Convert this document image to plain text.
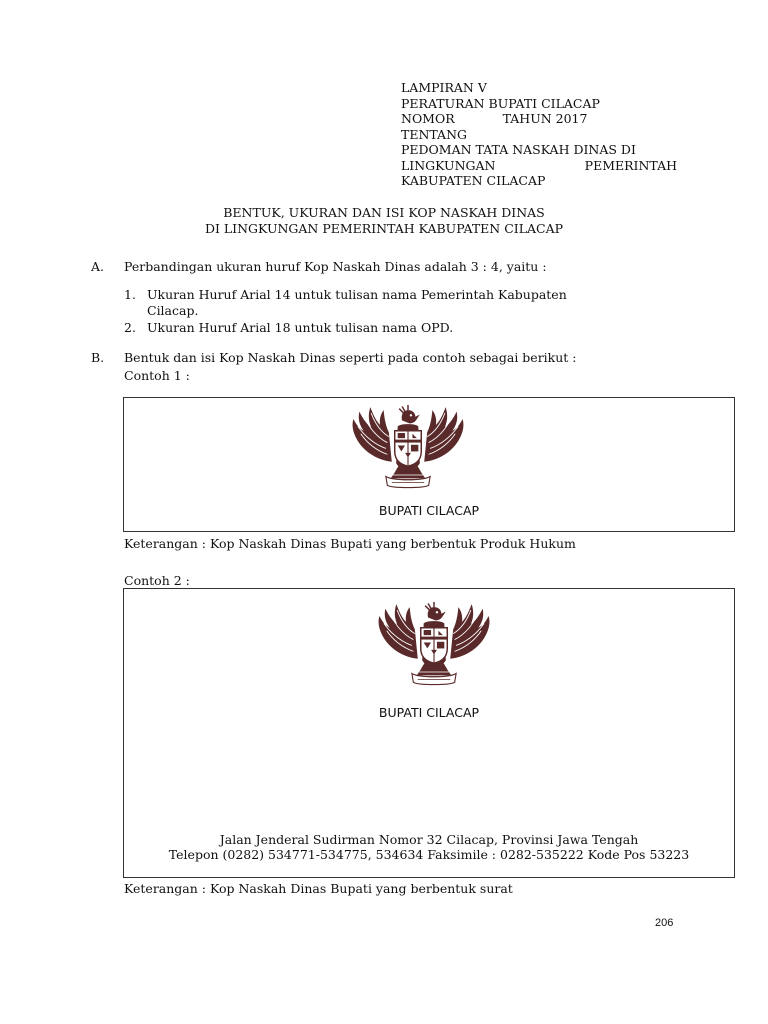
LAMPIRAN V
PERATURAN BUPATI CILACAP
NOMOR	TAHUN 2017
TENTANG
PEDOMAN TATA NASKAH DINAS DI
LINGKUNGAN	PEMERINTAH
KABUPATEN CILACAP
BENTUK, UKURAN DAN ISI KOP NASKAH DINAS
DI LINGKUNGAN PEMERINTAH KABUPATEN CILACAP
A. Perbandingan ukuran huruf Kop Naskah Dinas adalah 3 : 4, yaitu :
1. Ukuran Huruf Arial 14 untuk tulisan nama Pemerintah Kabupaten
Cilacap.
2. Ukuran Huruf Arial 18 untuk tulisan nama OPD.
B. Bentuk dan isi Kop Naskah Dinas seperti pada contoh sebagai berikut :
Contoh 1 :
BUPATI CILACAP
Keterangan : Kop Naskah Dinas Bupati yang berbentuk Produk Hukum
Contoh 2 :
BUPATI CILACAP
Jalan Jenderal Sudirman Nomor 32 Cilacap, Provinsi Jawa Tengah
Telepon (0282) 534771-534775, 534634 Faksimile : 0282-535222 Kode Pos 53223
Keterangan : Kop Naskah Dinas Bupati yang berbentuk surat
206
